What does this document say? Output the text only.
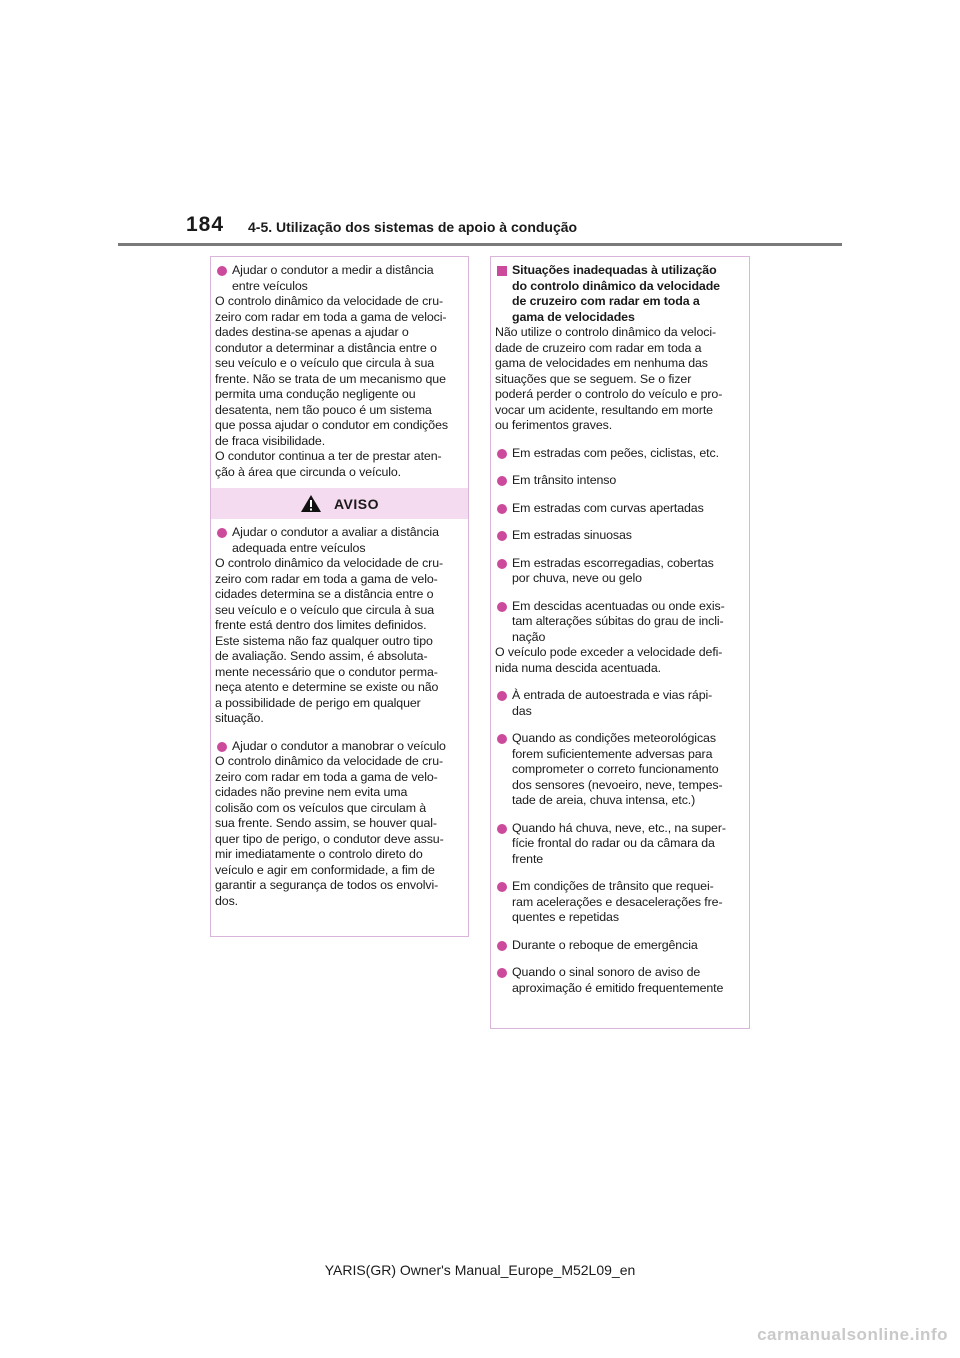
184 4-5. Utilização dos sistemas de apoio à condução

Ajudar o condutor a medir a distância

entre veículos

O controlo dinâmico da velocidade de cru-

zeiro com radar em toda a gama de veloci-

dades destina-se apenas a ajudar o

condutor a determinar a distância entre o

seu veículo e o veículo que circula à sua

frente. Não se trata de um mecanismo que

permita uma condução negligente ou

desatenta, nem tão pouco é um sistema

que possa ajudar o condutor em condições

de fraca visibilidade.

O condutor continua a ter de prestar aten-

ção à área que circunda o veículo.

AVISO

Ajudar o condutor a avaliar a distância

adequada entre veículos

O controlo dinâmico da velocidade de cru-

zeiro com radar em toda a gama de velo-

cidades determina se a distância entre o

seu veículo e o veículo que circula à sua

frente está dentro dos limites definidos.

Este sistema não faz qualquer outro tipo

de avaliação. Sendo assim, é absoluta-

mente necessário que o condutor perma-

neça atento e determine se existe ou não

a possibilidade de perigo em qualquer

situação.

Ajudar o condutor a manobrar o veículo

O controlo dinâmico da velocidade de cru-

zeiro com radar em toda a gama de velo-

cidades não previne nem evita uma

colisão com os veículos que circulam à

sua frente. Sendo assim, se houver qual-

quer tipo de perigo, o condutor deve assu-

mir imediatamente o controlo direto do

veículo e agir em conformidade, a fim de

garantir a segurança de todos os envolvi-

dos.

Situações inadequadas à utilização

do controlo dinâmico da velocidade

de cruzeiro com radar em toda a

gama de velocidades

Não utilize o controlo dinâmico da veloci-

dade de cruzeiro com radar em toda a

gama de velocidades em nenhuma das

situações que se seguem. Se o fizer

poderá perder o controlo do veículo e pro-

vocar um acidente, resultando em morte

ou ferimentos graves.

Em estradas com peões, ciclistas, etc.

Em trânsito intenso

Em estradas com curvas apertadas

Em estradas sinuosas

Em estradas escorregadias, cobertas

por chuva, neve ou gelo

Em descidas acentuadas ou onde exis-

tam alterações súbitas do grau de incli-

nação

O veículo pode exceder a velocidade defi-

nida numa descida acentuada.

À entrada de autoestrada e vias rápi-

das

Quando as condições meteorológicas

forem suficientemente adversas para

comprometer o correto funcionamento

dos sensores (nevoeiro, neve, tempes-

tade de areia, chuva intensa, etc.)

Quando há chuva, neve, etc., na super-

fície frontal do radar ou da câmara da

frente

Em condições de trânsito que requei-

ram acelerações e desacelerações fre-

quentes e repetidas

Durante o reboque de emergência

Quando o sinal sonoro de aviso de

aproximação é emitido frequentemente

YARIS(GR) Owner's Manual_Europe_M52L09_en
carmanualsonline.info
